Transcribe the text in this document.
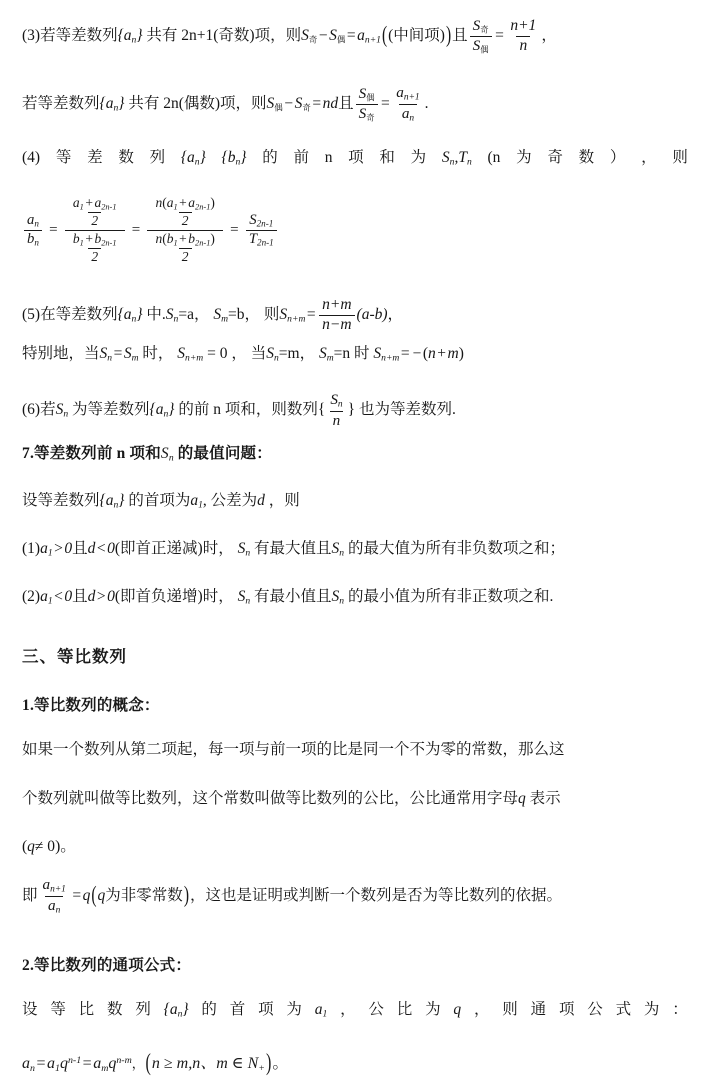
(3)若等差数列{an} 共有 2n+1(奇数)项，则S奇−S偶=an+1((中间项))且 $\frac{\text{S奇}}{\text{S偶}} = \frac{n+1}{n}$ ，
若等差数列{an} 共有 2n(偶数)项，则S偶−S奇=nd且 $\frac{\text{S偶}}{\text{S奇}} = \frac{an+1}{an}$ .
(4) 等 差 数 列 {an} {bn} 的 前 n 项 和 为 Sn,Tn (n 为 奇 数 ） ， 则
$\frac{an}{bn} = \frac{\frac{a1 + a2n-1}{2}}{\frac{b1 + b2n-1}{2}} = \frac{\frac{n(a1 + a2n-1)}{2}}{\frac{n(b1 + b2n-1)}{2}} = \frac{S2n-1}{T2n-1}$
(5)在等差数列{an} 中.Sn=a， Sm=b， 则$Sn+m= \frac{n+m}{n-m} (a-b)$，
特别地，当Sn=Sm 时， Sn+m = 0 ， 当Sn=m， Sm=n 时 Sn+m= −(n+m)
(6)若Sn 为等差数列{an} 的前 n 项和，则数列{ $\frac{Sn}{n}$ } 也为等差数列.
7.等差数列前 n 项和Sn 的最值问题：
设等差数列{an} 的首项为a1, 公差为d ，则
(1)a1>0且d<0(即首正递减)时， Sn 有最大值且Sn 的最大值为所有非负数项之和；
(2)a1<0且d>0(即首负递增)时， Sn 有最小值且Sn 的最小值为所有非正数项之和.
三、等比数列
1.等比数列的概念：
如果一个数列从第二项起，每一项与前一项的比是同一个不为零的常数，那么这
个数列就叫做等比数列，这个常数叫做等比数列的公比，公比通常用字母q 表示
(q≠ 0)。
即 $\frac{an+1}{an} =q(q$为非零常数)，这也是证明或判断一个数列是否为等比数列的依据。
2.等比数列的通项公式：
设 等 比 数 列 {an} 的 首 项 为 a1 ， 公 比 为 q ， 则 通 项 公 式 为 ：
$an=a1q^{n-1}=amq^{n-m}$，(n ≥ m,n、m ∈ N+)。
